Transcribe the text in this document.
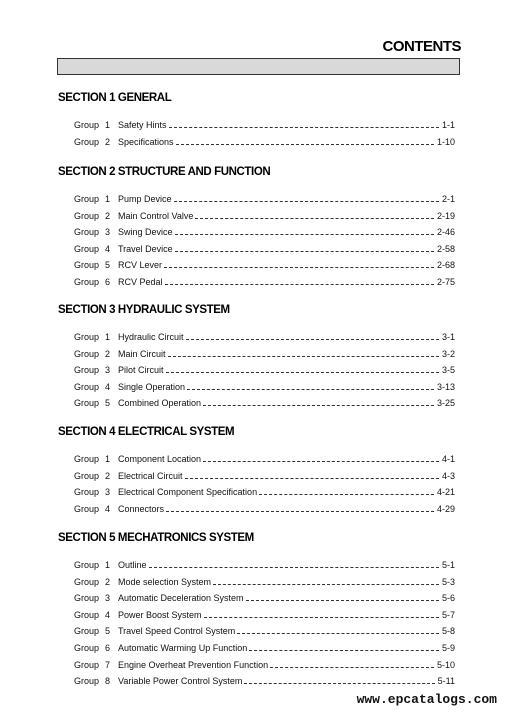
CONTENTS
SECTION 1 GENERAL
Group 1 Safety Hints	1-1
Group 2 Specifications	1-10
SECTION 2 STRUCTURE AND FUNCTION
Group 1 Pump Device	2-1
Group 2 Main Control Valve	2-19
Group 3 Swing Device	2-46
Group 4 Travel Device	2-58
Group 5 RCV Lever	2-68
Group 6 RCV Pedal	2-75
SECTION 3 HYDRAULIC SYSTEM
Group 1 Hydraulic Circuit	3-1
Group 2 Main Circuit	3-2
Group 3 Pilot Circuit	3-5
Group 4 Single Operation	3-13
Group 5 Combined Operation	3-25
SECTION 4 ELECTRICAL SYSTEM
Group 1 Component Location	4-1
Group 2 Electrical Circuit	4-3
Group 3 Electrical Component Specification	4-21
Group 4 Connectors	4-29
SECTION 5 MECHATRONICS SYSTEM
Group 1 Outline	5-1
Group 2 Mode selection System	5-3
Group 3 Automatic Deceleration System	5-6
Group 4 Power Boost System	5-7
Group 5 Travel Speed Control System	5-8
Group 6 Automatic Warming Up Function	5-9
Group 7 Engine Overheat Prevention Function	5-10
Group 8 Variable Power Control System	5-11
www.epcatalogs.com
